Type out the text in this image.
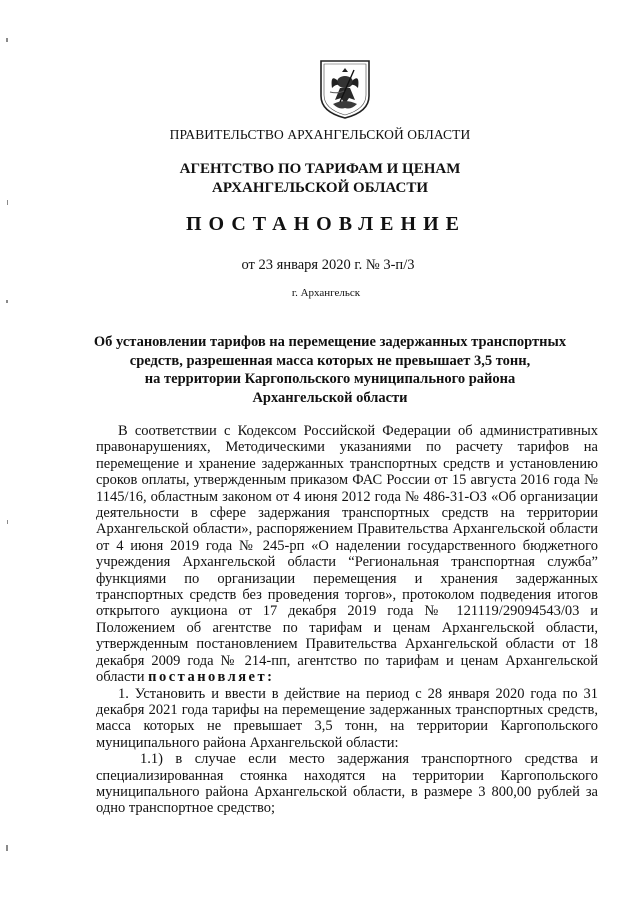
ПРАВИТЕЛЬСТВО АРХАНГЕЛЬСКОЙ ОБЛАСТИ
АГЕНТСТВО ПО ТАРИФАМ И ЦЕНАМ
АРХАНГЕЛЬСКОЙ ОБЛАСТИ
ПОСТАНОВЛЕНИЕ
от 23 января 2020 г. № 3-п/3
г. Архангельск
Об установлении тарифов на перемещение задержанных транспортных
средств, разрешенная масса которых не превышает 3,5 тонн,
на территории Каргопольского муниципального района
Архангельской области

В соответствии с Кодексом Российской Федерации об административных правонарушениях, Методическими указаниями по расчету тарифов на перемещение и хранение задержанных транспортных средств и установлению сроков оплаты, утвержденным приказом ФАС России от 15 августа 2016 года № 1145/16, областным законом от 4 июня 2012 года № 486-31-ОЗ «Об организации деятельности в сфере задержания транспортных средств на территории Архангельской области», распоряжением Правительства Архангельской области от 4 июня 2019 года № 245-рп «О наделении государственного бюджетного учреждения Архангельской области “Региональная транспортная служба” функциями по организации перемещения и хранения задержанных транспортных средств без проведения торгов», протоколом подведения итогов открытого аукциона от 17 декабря 2019 года № 121119/29094543/03 и Положением об агентстве по тарифам и ценам Архангельской области, утвержденным постановлением Правительства Архангельской области от 18 декабря 2009 года № 214-пп, агентство по тарифам и ценам Архангельской области постановляет:

1. Установить и ввести в действие на период с 28 января 2020 года по 31 декабря 2021 года тарифы на перемещение задержанных транспортных средств, масса которых не превышает 3,5 тонн, на территории Каргопольского муниципального района Архангельской области:

1.1) в случае если место задержания транспортного средства и специализированная стоянка находятся на территории Каргопольского муниципального района Архангельской области, в размере 3 800,00 рублей за одно транспортное средство;
